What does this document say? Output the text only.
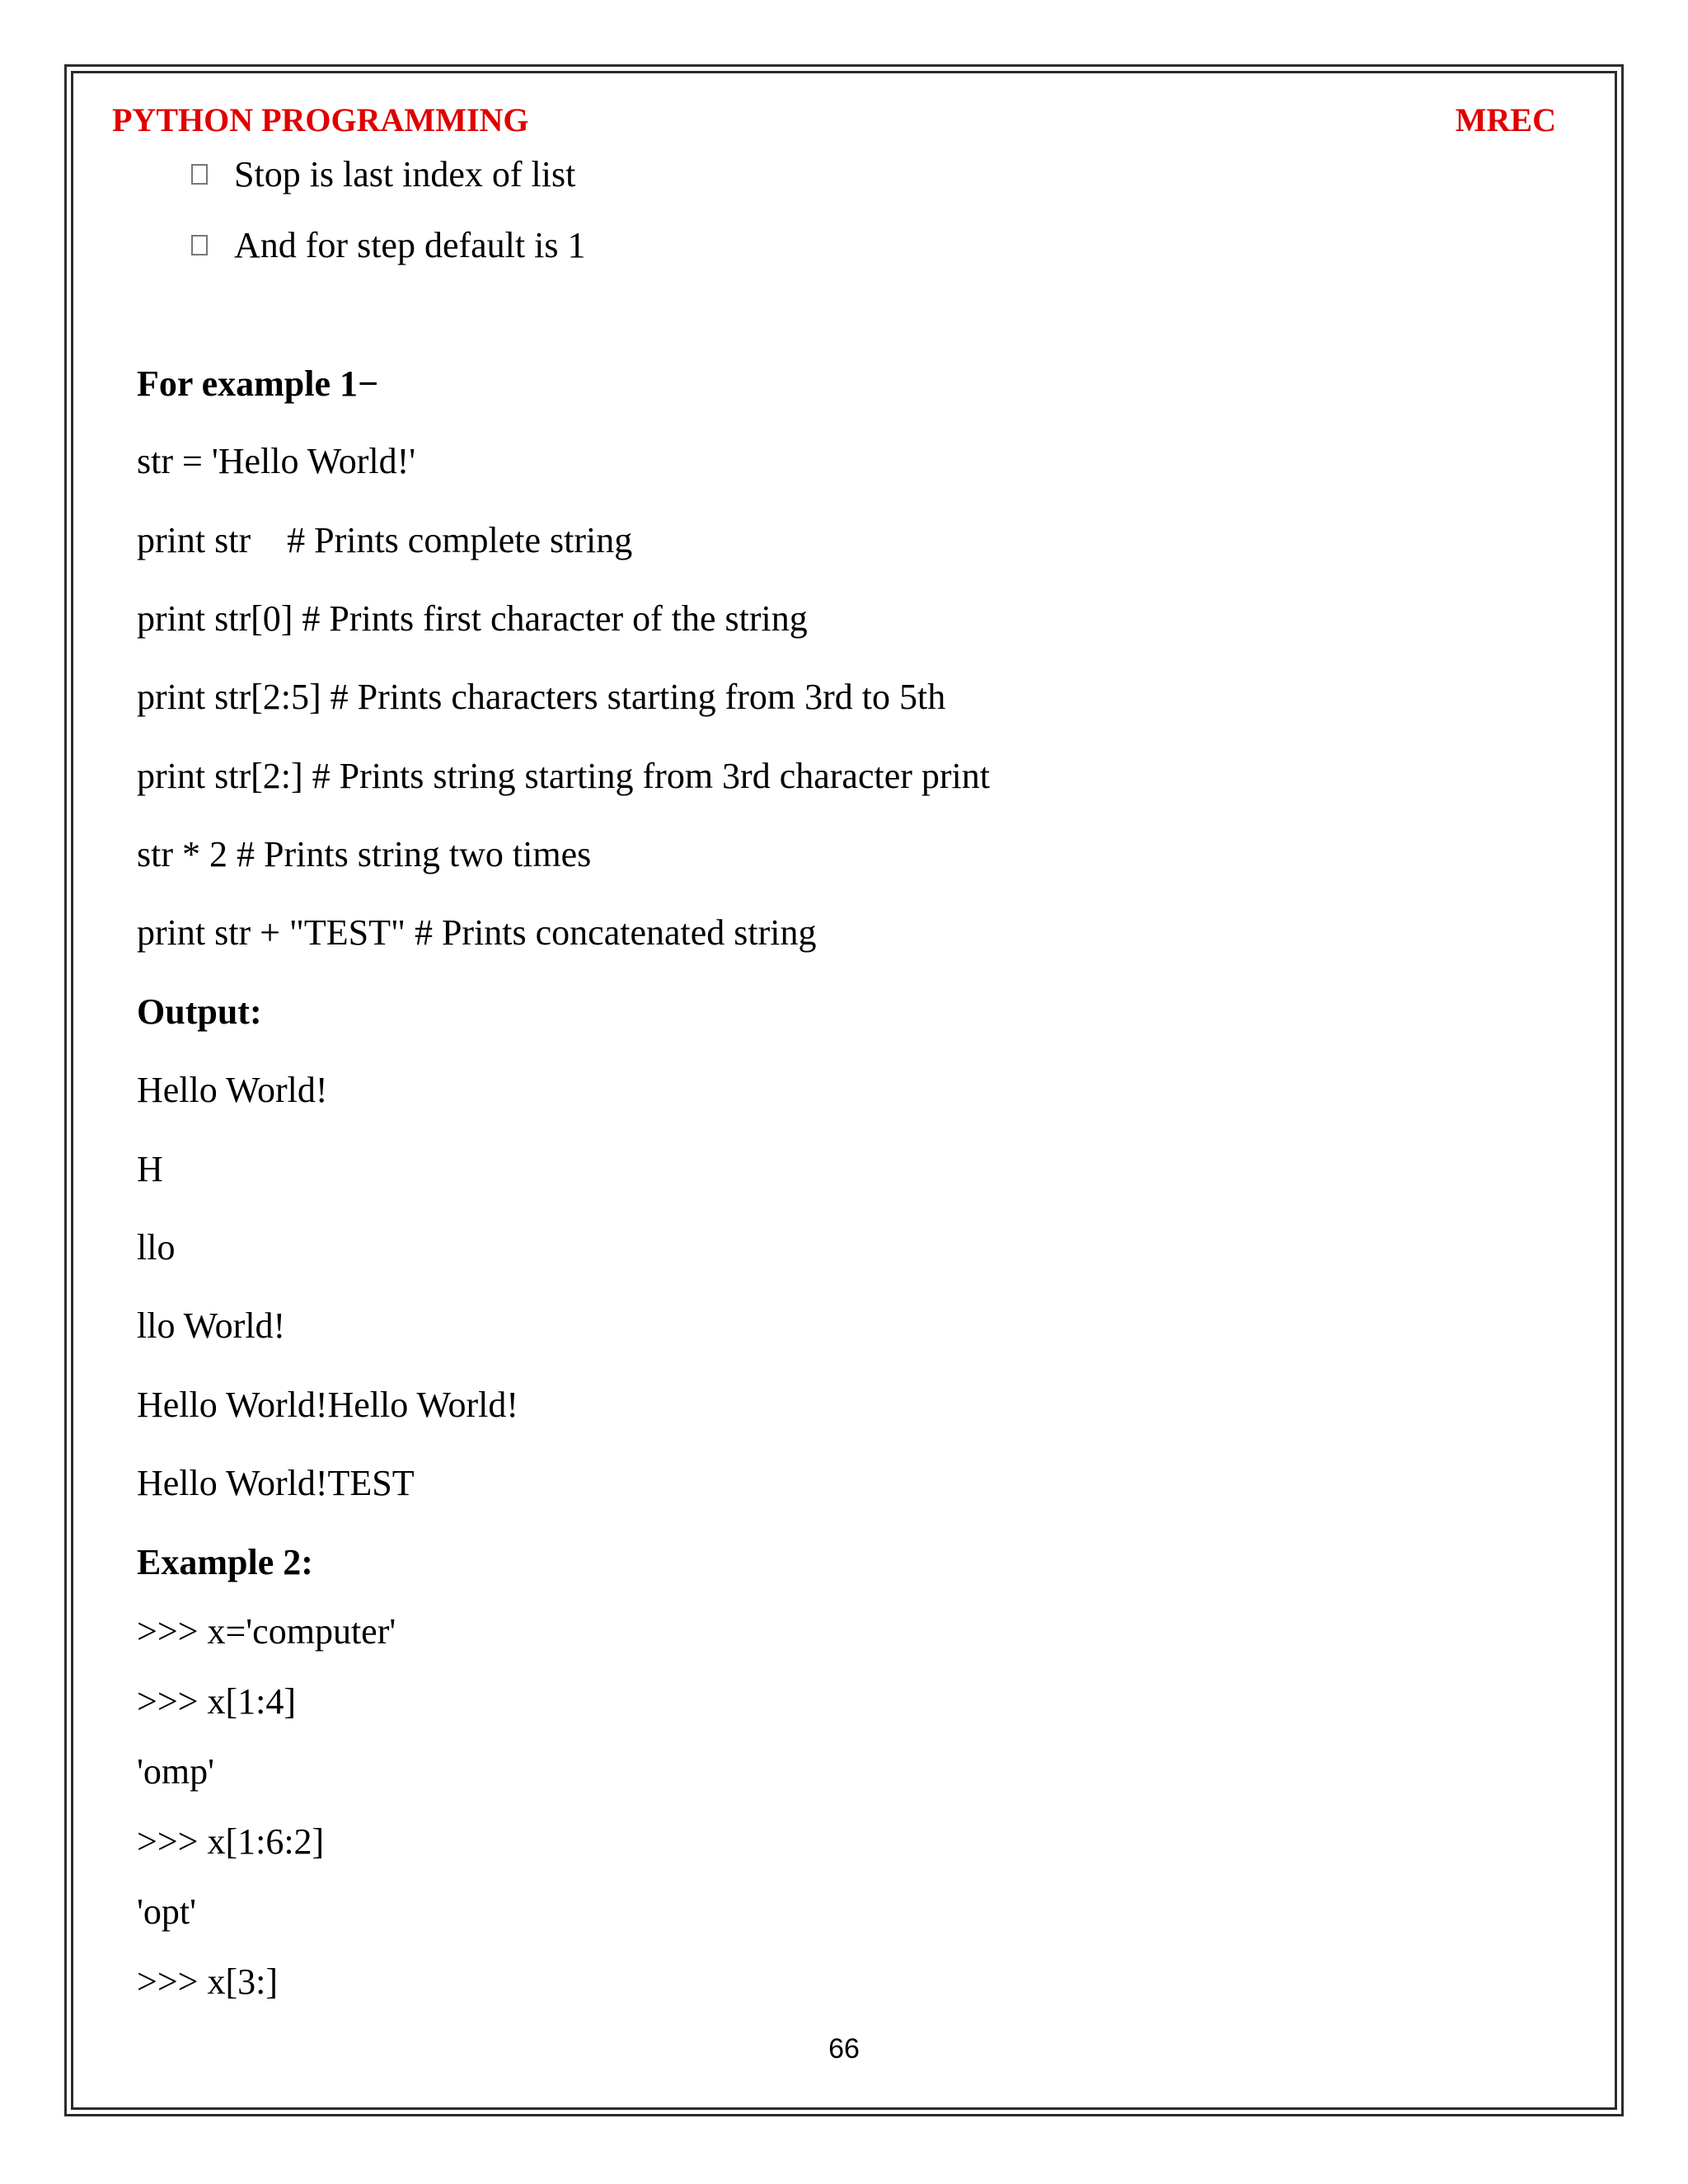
PYTHON PROGRAMMING	MREC
Stop is last index of list
And for step default is 1
For example 1−
str = 'Hello World!'
print str    # Prints complete string
print str[0] # Prints first character of the string
print str[2:5] # Prints characters starting from 3rd to 5th
print str[2:] # Prints string starting from 3rd character print
str * 2 # Prints string two times
print str + "TEST" # Prints concatenated string
Output:
Hello World!
H
llo
llo World!
Hello World!Hello World!
Hello World!TEST
Example 2:
>>> x='computer'
>>> x[1:4]
'omp'
>>> x[1:6:2]
'opt'
>>> x[3:]
66
